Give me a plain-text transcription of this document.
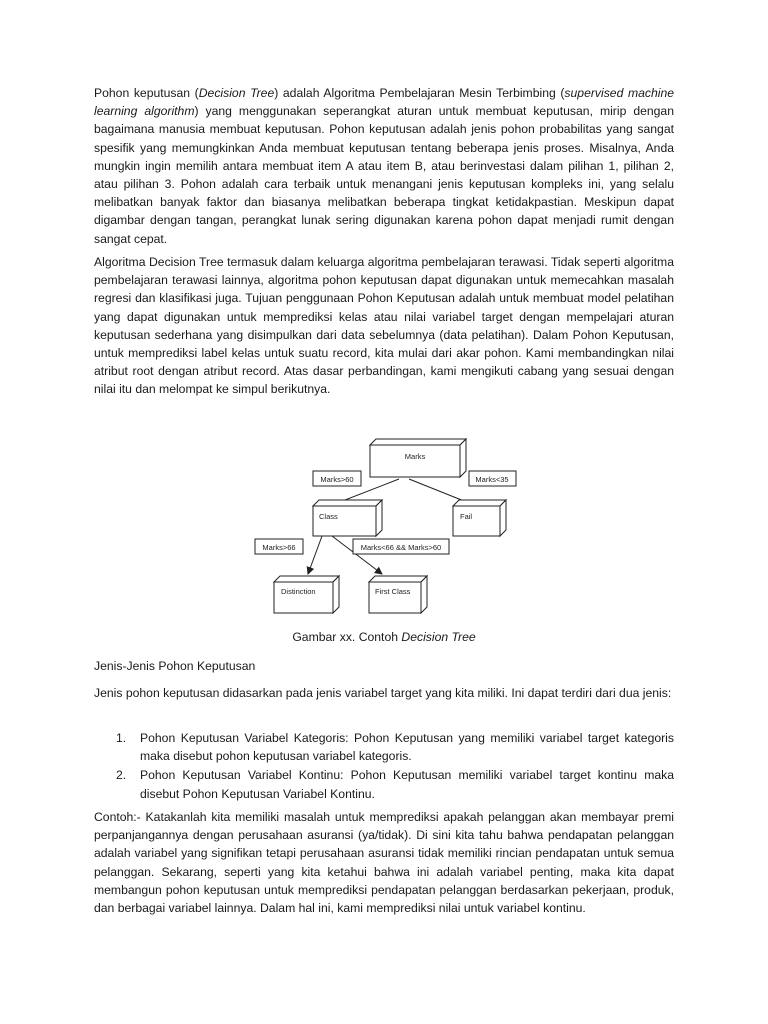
Pohon keputusan (Decision Tree) adalah Algoritma Pembelajaran Mesin Terbimbing (supervised machine learning algorithm) yang menggunakan seperangkat aturan untuk membuat keputusan, mirip dengan bagaimana manusia membuat keputusan. Pohon keputusan adalah jenis pohon probabilitas yang sangat spesifik yang memungkinkan Anda membuat keputusan tentang beberapa jenis proses. Misalnya, Anda mungkin ingin memilih antara membuat item A atau item B, atau berinvestasi dalam pilihan 1, pilihan 2, atau pilihan 3. Pohon adalah cara terbaik untuk menangani jenis keputusan kompleks ini, yang selalu melibatkan banyak faktor dan biasanya melibatkan beberapa tingkat ketidakpastian. Meskipun dapat digambar dengan tangan, perangkat lunak sering digunakan karena pohon dapat menjadi rumit dengan sangat cepat.
Algoritma Decision Tree termasuk dalam keluarga algoritma pembelajaran terawasi. Tidak seperti algoritma pembelajaran terawasi lainnya, algoritma pohon keputusan dapat digunakan untuk memecahkan masalah regresi dan klasifikasi juga. Tujuan penggunaan Pohon Keputusan adalah untuk membuat model pelatihan yang dapat digunakan untuk memprediksi kelas atau nilai variabel target dengan mempelajari aturan keputusan sederhana yang disimpulkan dari data sebelumnya (data pelatihan). Dalam Pohon Keputusan, untuk memprediksi label kelas untuk suatu record, kita mulai dari akar pohon. Kami membandingkan nilai atribut root dengan atribut record. Atas dasar perbandingan, kami mengikuti cabang yang sesuai dengan nilai itu dan melompat ke simpul berikutnya.
Marks
Class	Fail
Distinction	First Class
Marks>60	Marks<35
Marks>66	Marks<66 && Marks>60
Gambar xx. Contoh Decision Tree
Jenis-Jenis Pohon Keputusan
Jenis pohon keputusan didasarkan pada jenis variabel target yang kita miliki. Ini dapat terdiri dari dua jenis:
1. Pohon Keputusan Variabel Kategoris: Pohon Keputusan yang memiliki variabel target kategoris maka disebut pohon keputusan variabel kategoris.
2. Pohon Keputusan Variabel Kontinu: Pohon Keputusan memiliki variabel target kontinu maka disebut Pohon Keputusan Variabel Kontinu.
Contoh:- Katakanlah kita memiliki masalah untuk memprediksi apakah pelanggan akan membayar premi perpanjangannya dengan perusahaan asuransi (ya/tidak). Di sini kita tahu bahwa pendapatan pelanggan adalah variabel yang signifikan tetapi perusahaan asuransi tidak memiliki rincian pendapatan untuk semua pelanggan. Sekarang, seperti yang kita ketahui bahwa ini adalah variabel penting, maka kita dapat membangun pohon keputusan untuk memprediksi pendapatan pelanggan berdasarkan pekerjaan, produk, dan berbagai variabel lainnya. Dalam hal ini, kami memprediksi nilai untuk variabel kontinu.
